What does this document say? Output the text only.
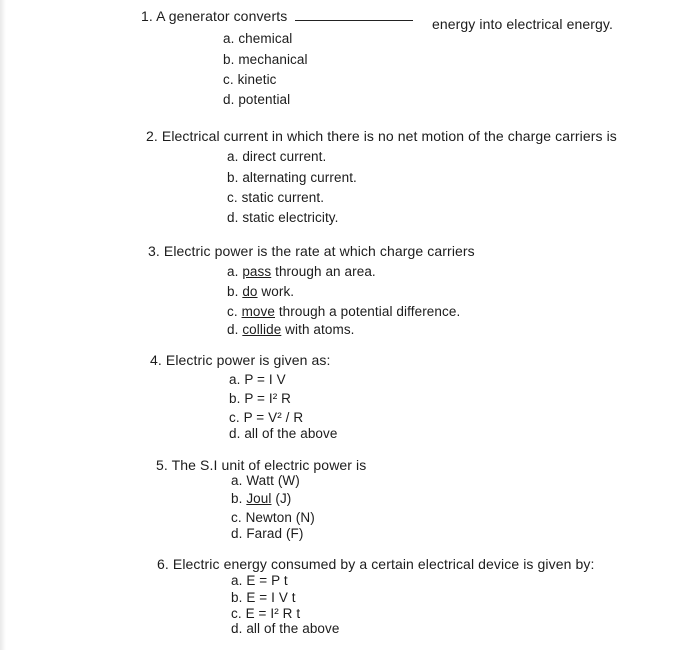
1. A generator converts	energy into electrical energy.
a. chemical
b. mechanical
c. kinetic
d. potential
2. Electrical current in which there is no net motion of the charge carriers is
a. direct current.
b. alternating current.
c. static current.
d. static electricity.
3. Electric power is the rate at which charge carriers
a. pass through an area.
b. do work.
c. move through a potential difference.
d. collide with atoms.
4. Electric power is given as:
a. P = I V
b. P = I² R
c. P = V² / R
d. all of the above
5. The S.I unit of electric power is
a. Watt (W)
b. Joul (J)
c. Newton (N)
d. Farad (F)
6. Electric energy consumed by a certain electrical device is given by:
a. E = P t
b. E = I V t
c. E = I² R t
d. all of the above
